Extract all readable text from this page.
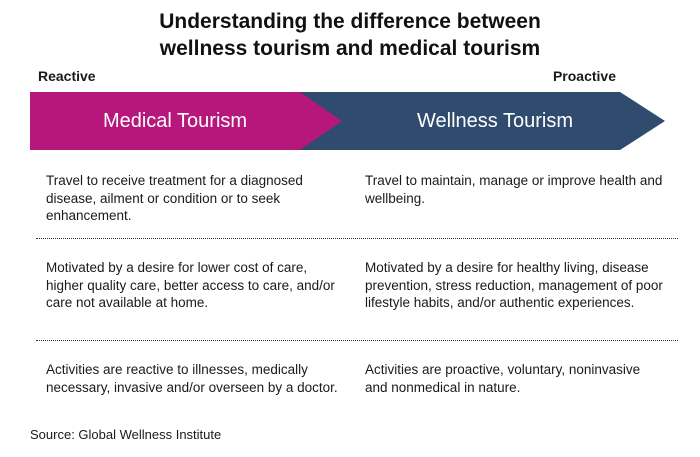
Understanding the difference between
wellness tourism and medical tourism
Reactive	Proactive
Medical Tourism	Wellness Tourism
Travel to receive treatment for a diagnosed disease, ailment or condition or to seek enhancement.
Travel to maintain, manage or improve health and wellbeing.
Motivated by a desire for lower cost of care, higher quality care, better access to care, and/or care not available at home.
Motivated by a desire for healthy living, disease prevention, stress reduction, management of poor lifestyle habits, and/or authentic experiences.
Activities are reactive to illnesses, medically necessary, invasive and/or overseen by a doctor.
Activities are proactive, voluntary, noninvasive and nonmedical in nature.
Source: Global Wellness Institute
